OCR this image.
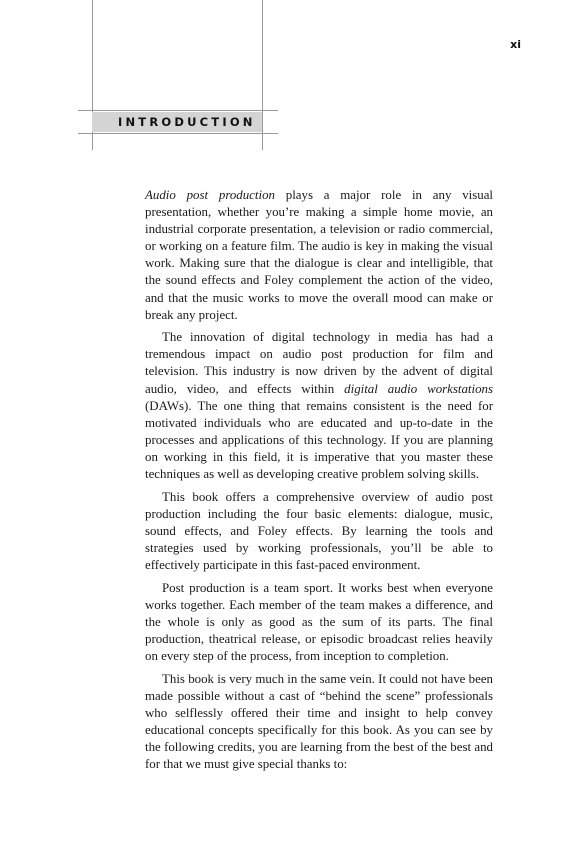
INTRODUCTION
xi

Audio post production plays a major role in any visual presentation, whether you’re making a simple home movie, an industrial corporate presentation, a television or radio commercial, or working on a feature film. The audio is key in making the visual work. Making sure that the dialogue is clear and intelligible, that the sound effects and Foley complement the action of the video, and that the music works to move the overall mood can make or break any project.

The innovation of digital technology in media has had a tremendous impact on audio post production for film and television. This industry is now driven by the advent of digital audio, video, and effects within digital audio workstations (DAWs). The one thing that remains consistent is the need for motivated individuals who are educated and up-to-date in the processes and applications of this technology. If you are planning on working in this field, it is imperative that you master these techniques as well as developing creative problem solving skills.

This book offers a comprehensive overview of audio post production including the four basic elements: dialogue, music, sound effects, and Foley effects. By learning the tools and strategies used by working professionals, you’ll be able to effectively participate in this fast-paced environment.

Post production is a team sport. It works best when everyone works together. Each member of the team makes a difference, and the whole is only as good as the sum of its parts. The final production, theatrical release, or episodic broadcast relies heavily on every step of the process, from inception to completion.

This book is very much in the same vein. It could not have been made possible without a cast of “behind the scene” professionals who selflessly offered their time and insight to help convey educational concepts specifically for this book. As you can see by the following credits, you are learning from the best of the best and for that we must give special thanks to:
